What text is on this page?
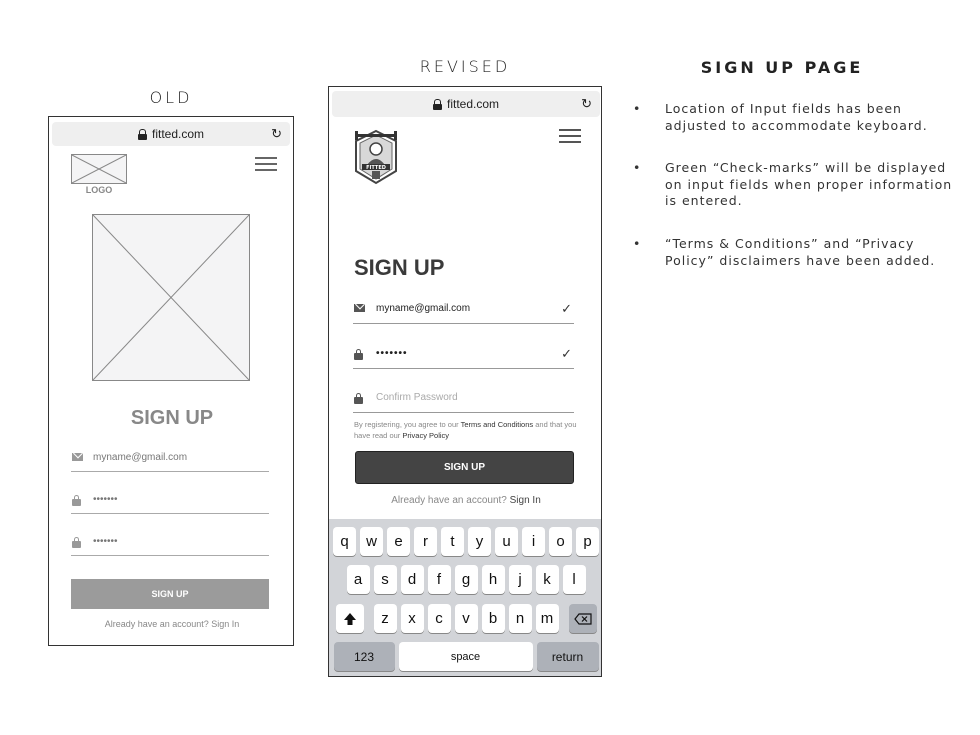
OLD
REVISED
fitted.com	↻
LOGO
SIGN UP
myname@gmail.com
•••••••
•••••••
SIGN UP
Already have an account? Sign In
fitted.com	↻
FITTED
SIGN UP
myname@gmail.com	✓
•••••••	✓
Confirm Password
By registering, you agree to our Terms and Conditions and that you have read our Privacy Policy
SIGN UP
Already have an account? Sign In
q	w	e	r	t	y	u	i	o	p
a	s	d	f	g	h	j	k	l
z	x	c	v	b	n	m
123	space	return
SIGN UP PAGE
• Location of Input fields has been adjusted to accommodate keyboard.
• Green “Check-marks” will be displayed on input fields when proper information is entered.
• “Terms & Conditions” and “Privacy Policy” disclaimers have been added.
